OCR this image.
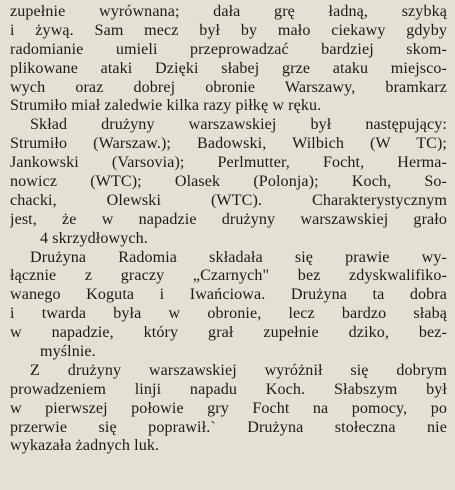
zupełnie wyrównana; dała grę ładną, szybką
i żywą. Sam mecz był by mało ciekawy gdyby
radomianie umieli przeprowadzać bardziej skom-
plikowane ataki Dzięki słabej grze ataku miejsco-
wych oraz dobrej obronie Warszawy, bramkarz
Strumiło miał zaledwie kilka razy piłkę w ręku.
Skład drużyny warszawskiej był następujący:
Strumiło (Warszaw.); Badowski, Wilbich (W TC);
Jankowski (Varsovia); Perlmutter, Focht, Herma-
nowicz (WTC); Olasek (Polonja); Koch, So-
chacki, Olewski (WTC). Charakterystycznym
jest, że w napadzie drużyny warszawskiej grało
4 skrzydłowych.
Drużyna Radomia składała się prawie wy-
łącznie z graczy „Czarnych" bez zdyskwalifiko-
wanego Koguta i Iwańciowa. Drużyna ta dobra
i twarda była w obronie, lecz bardzo słabą
w napadzie, który grał zupełnie dziko, bez-
myślnie.
Z drużyny warszawskiej wyróżnił się dobrym
prowadzeniem linji napadu Koch. Słabszym był
w pierwszej połowie gry Focht na pomocy, po
przerwie się poprawił.` Drużyna stołeczna nie
wykazała żadnych luk.
